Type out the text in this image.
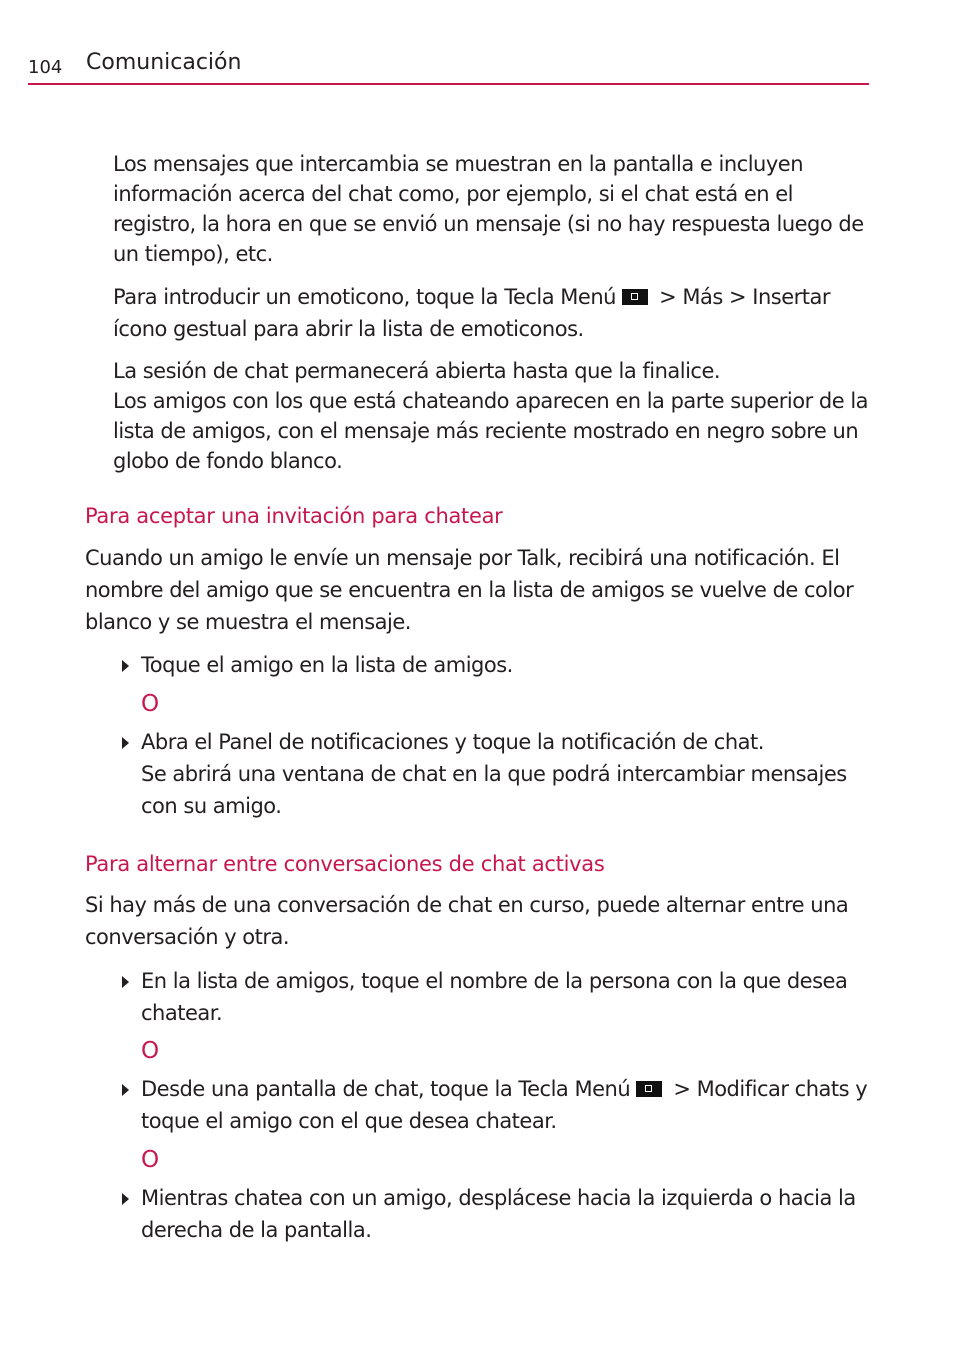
104 Comunicación

Los mensajes que intercambia se muestran en la pantalla e incluyen información acerca del chat como, por ejemplo, si el chat está en el registro, la hora en que se envió un mensaje (si no hay respuesta luego de un tiempo), etc.

Para introducir un emoticono, toque la Tecla Menú > Más > Insertar ícono gestual para abrir la lista de emoticonos.

La sesión de chat permanecerá abierta hasta que la finalice.
Los amigos con los que está chateando aparecen en la parte superior de la lista de amigos, con el mensaje más reciente mostrado en negro sobre un globo de fondo blanco.

Para aceptar una invitación para chatear

Cuando un amigo le envíe un mensaje por Talk, recibirá una notificación. El nombre del amigo que se encuentra en la lista de amigos se vuelve de color blanco y se muestra el mensaje.

Toque el amigo en la lista de amigos.
O
Abra el Panel de notificaciones y toque la notificación de chat.
Se abrirá una ventana de chat en la que podrá intercambiar mensajes con su amigo.
Para alternar entre conversaciones de chat activas

Si hay más de una conversación de chat en curso, puede alternar entre una conversación y otra.

En la lista de amigos, toque el nombre de la persona con la que desea chatear.
O
Desde una pantalla de chat, toque la Tecla Menú > Modificar chats y toque el amigo con el que desea chatear.
O
Mientras chatea con un amigo, desplácese hacia la izquierda o hacia la derecha de la pantalla.
